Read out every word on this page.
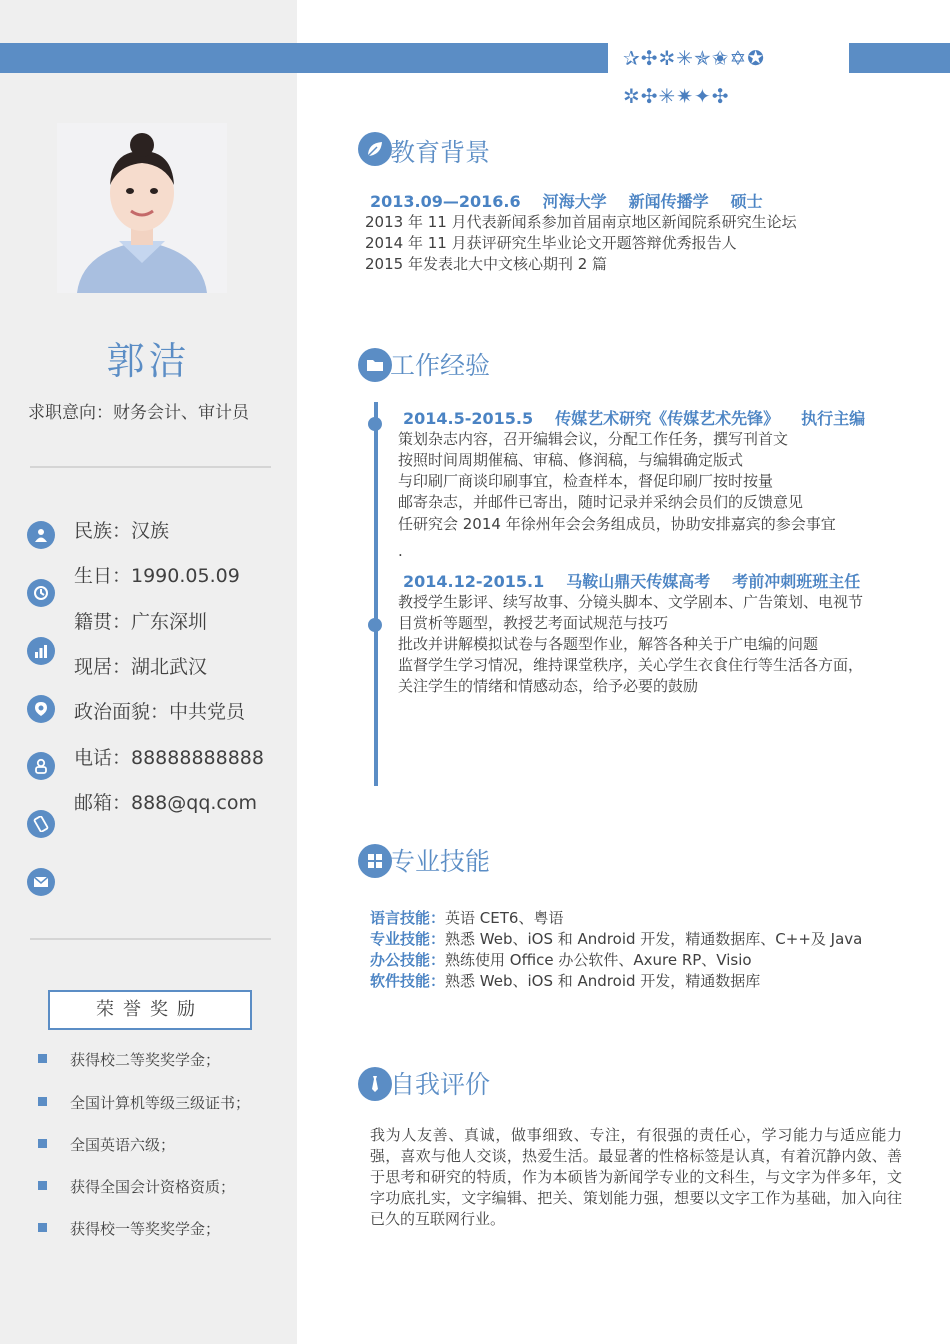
✰✣✲✳✯✬✡✪
✲✣✳✷✦✣
郭洁
求职意向：财务会计、审计员
民族：汉族
生日：1990.05.09
籍贯：广东深圳
现居：湖北武汉
政治面貌：中共党员
电话：88888888888
邮箱：888@qq.com
荣誉奖励
获得校二等奖奖学金；
全国计算机等级三级证书；
全国英语六级；
获得全国会计资格资质；
获得校一等奖奖学金；
教育背景
2013.09—2016.6 河海大学 新闻传播学 硕士
2013 年 11 月代表新闻系参加首届南京地区新闻院系研究生论坛
2014 年 11 月获评研究生毕业论文开题答辩优秀报告人
2015 年发表北大中文核心期刊 2 篇
工作经验
2014.5-2015.5 传媒艺术研究《传媒艺术先锋》 执行主编
策划杂志内容，召开编辑会议，分配工作任务，撰写刊首文
按照时间周期催稿、审稿、修润稿，与编辑确定版式
与印刷厂商谈印刷事宜，检查样本，督促印刷厂按时按量
邮寄杂志，并邮件已寄出，随时记录并采纳会员们的反馈意见
任研究会 2014 年徐州年会会务组成员，协助安排嘉宾的参会事宜
.
2014.12-2015.1 马鞍山鼎天传媒高考 考前冲刺班班主任
教授学生影评、续写故事、分镜头脚本、文学剧本、广告策划、电视节
目赏析等题型，教授艺考面试规范与技巧
批改并讲解模拟试卷与各题型作业，解答各种关于广电编的问题
监督学生学习情况，维持课堂秩序，关心学生衣食住行等生活各方面，
关注学生的情绪和情感动态，给予必要的鼓励
专业技能
语言技能：英语 CET6、粤语
专业技能：熟悉 Web、iOS 和 Android 开发，精通数据库、C++及 Java
办公技能：熟练使用 Office 办公软件、Axure RP、Visio
软件技能：熟悉 Web、iOS 和 Android 开发，精通数据库
自我评价
我为人友善、真诚，做事细致、专注，有很强的责任心，学习能力与适应能力强，喜欢与他人交谈，热爱生活。最显著的性格标签是认真，有着沉静内敛、善于思考和研究的特质，作为本硕皆为新闻学专业的文科生，与文字为伴多年，文字功底扎实，文字编辑、把关、策划能力强，想要以文字工作为基础，加入向往已久的互联网行业。
